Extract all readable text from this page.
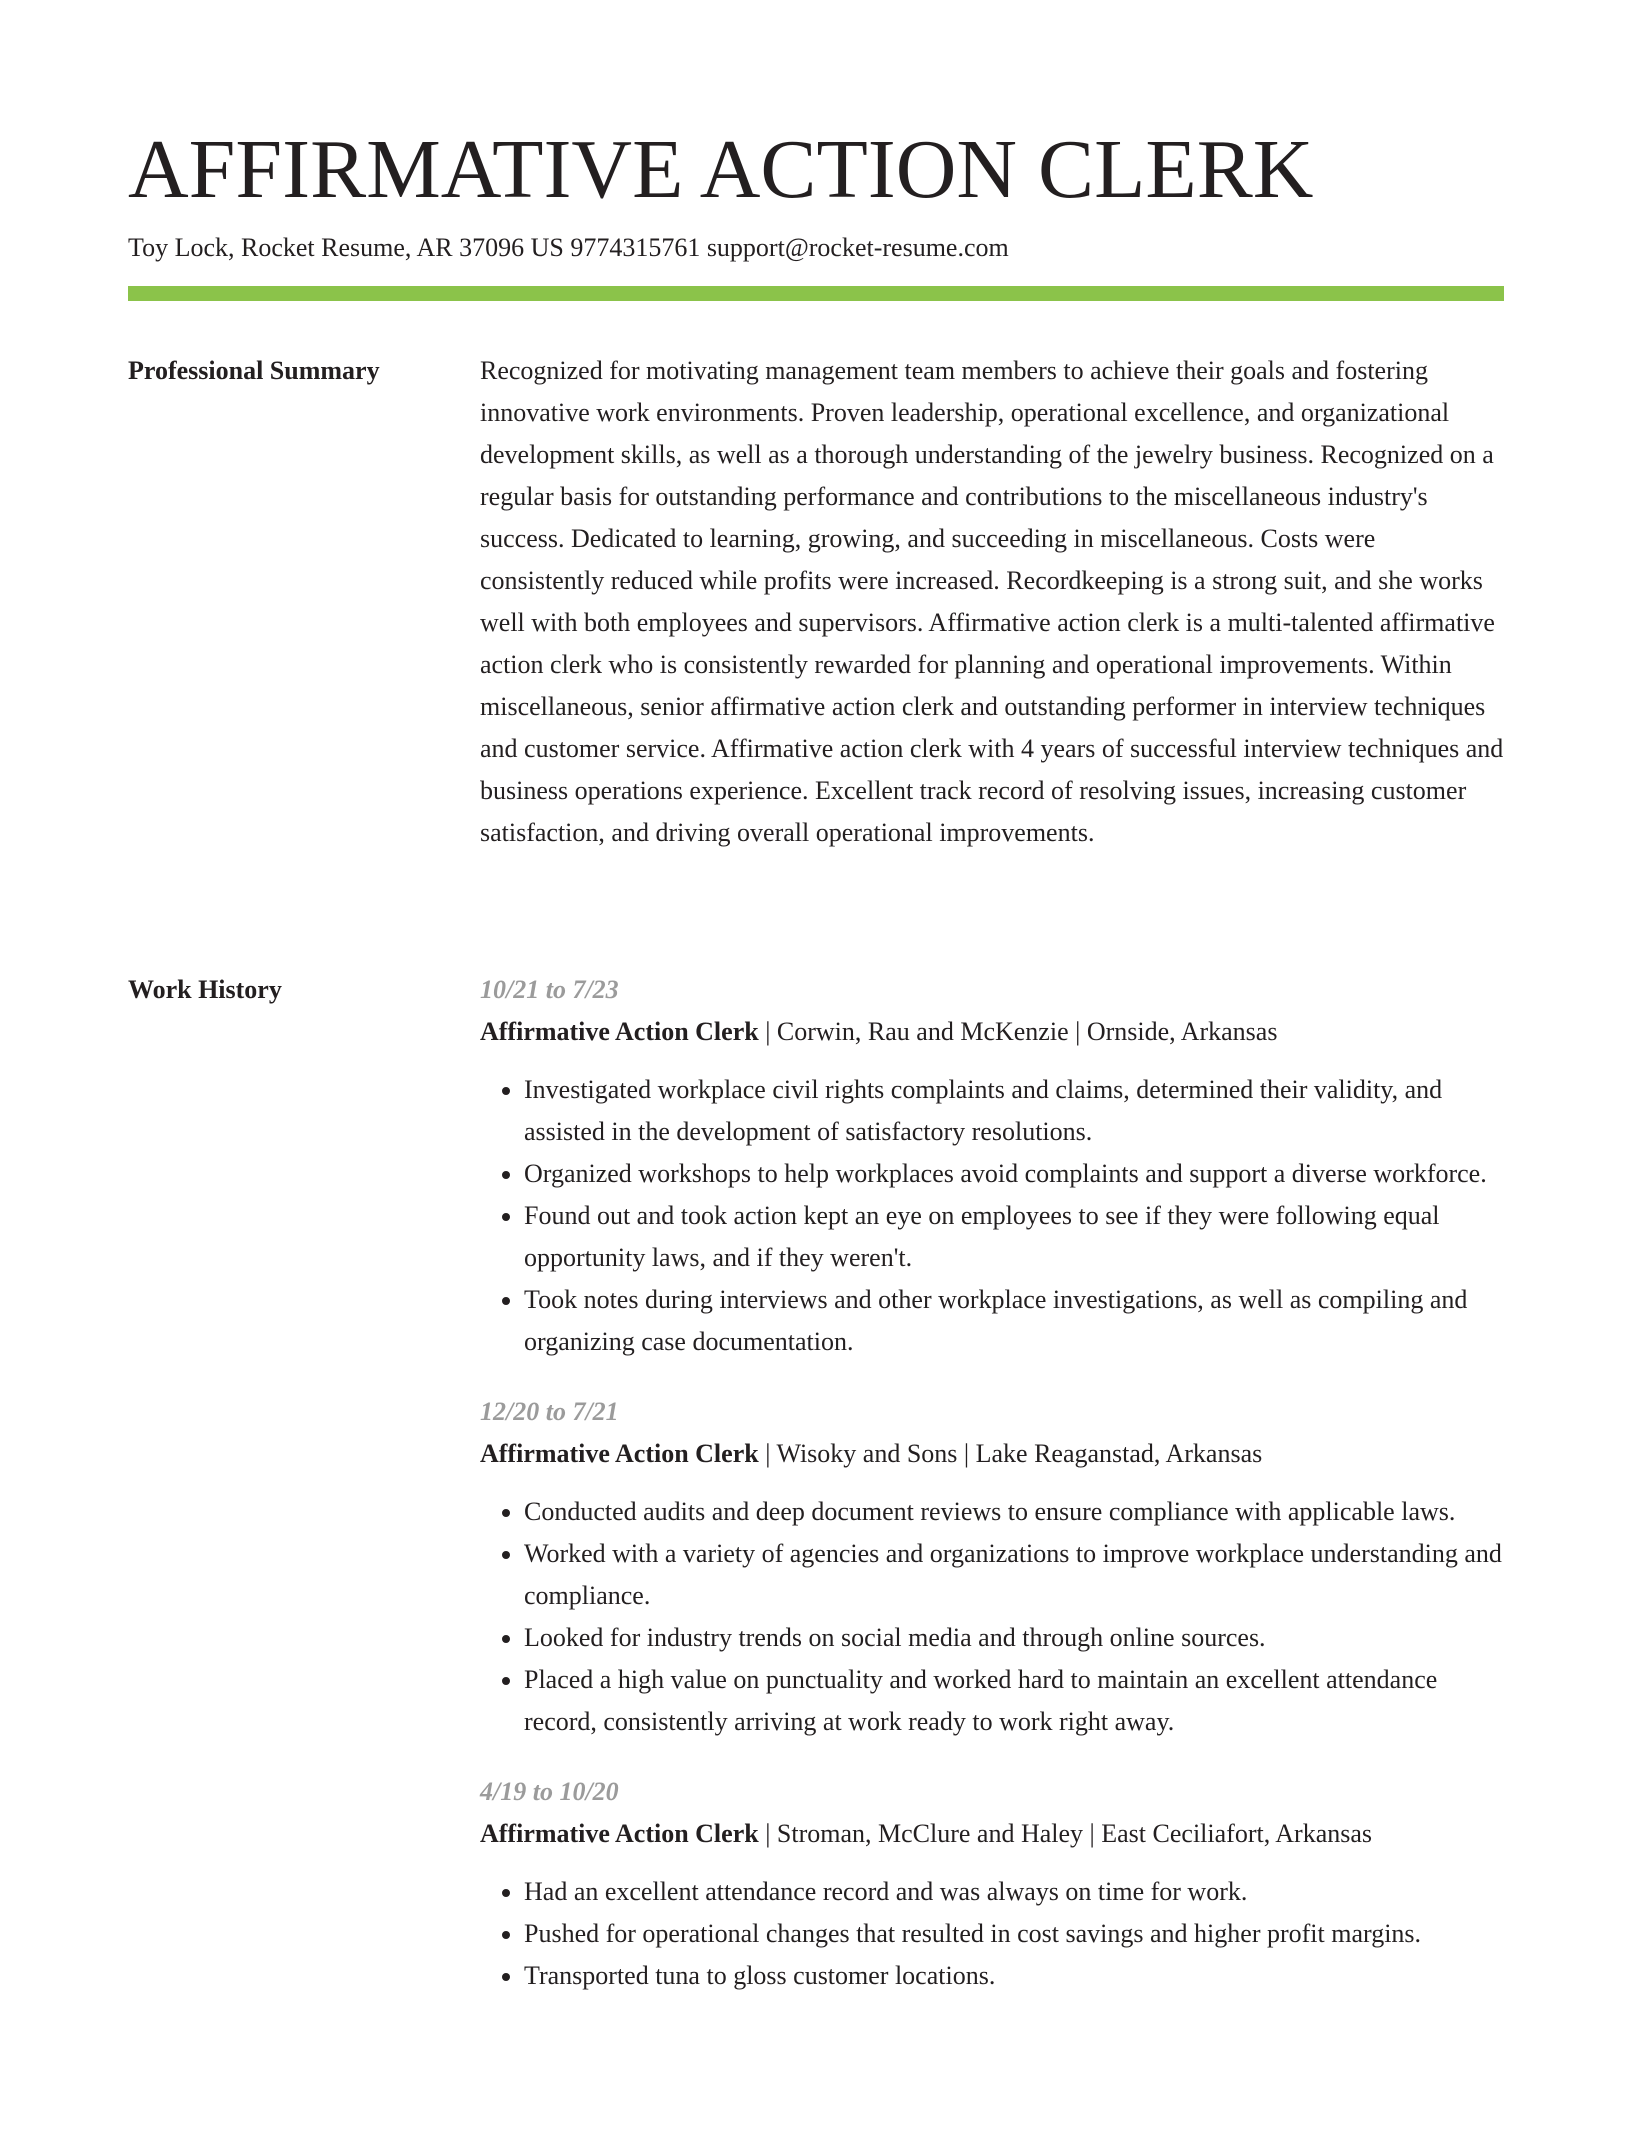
AFFIRMATIVE ACTION CLERK
Toy Lock, Rocket Resume, AR 37096 US 9774315761 support@rocket-resume.com
Professional Summary	Recognized for motivating management team members to achieve their goals and fostering innovative work environments. Proven leadership, operational excellence, and organizational development skills, as well as a thorough understanding of the jewelry business. Recognized on a regular basis for outstanding performance and contributions to the miscellaneous industry's success. Dedicated to learning, growing, and succeeding in miscellaneous. Costs were consistently reduced while profits were increased. Recordkeeping is a strong suit, and she works well with both employees and supervisors. Affirmative action clerk is a multi-talented affirmative action clerk who is consistently rewarded for planning and operational improvements. Within miscellaneous, senior affirmative action clerk and outstanding performer in interview techniques and customer service. Affirmative action clerk with 4 years of successful interview techniques and business operations experience. Excellent track record of resolving issues, increasing customer satisfaction, and driving overall operational improvements.

Work History	10/21 to 7/23
Affirmative Action Clerk | Corwin, Rau and McKenzie | Ornside, Arkansas
• Investigated workplace civil rights complaints and claims, determined their validity, and assisted in the development of satisfactory resolutions.
• Organized workshops to help workplaces avoid complaints and support a diverse workforce.
• Found out and took action kept an eye on employees to see if they were following equal opportunity laws, and if they weren't.
• Took notes during interviews and other workplace investigations, as well as compiling and organizing case documentation.
12/20 to 7/21
Affirmative Action Clerk | Wisoky and Sons | Lake Reaganstad, Arkansas
• Conducted audits and deep document reviews to ensure compliance with applicable laws.
• Worked with a variety of agencies and organizations to improve workplace understanding and compliance.
• Looked for industry trends on social media and through online sources.
• Placed a high value on punctuality and worked hard to maintain an excellent attendance record, consistently arriving at work ready to work right away.
4/19 to 10/20
Affirmative Action Clerk | Stroman, McClure and Haley | East Ceciliafort, Arkansas
• Had an excellent attendance record and was always on time for work.
• Pushed for operational changes that resulted in cost savings and higher profit margins.
• Transported tuna to gloss customer locations.
